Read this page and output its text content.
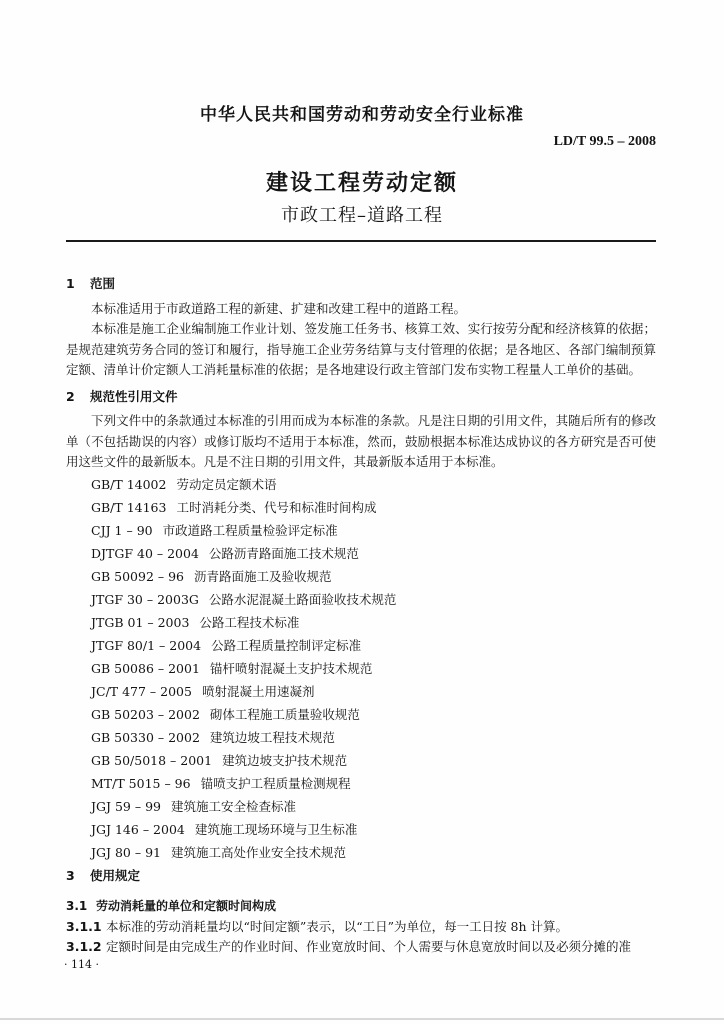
中华人民共和国劳动和劳动安全行业标准
LD/T 99.5 – 2008
建设工程劳动定额
市政工程–道路工程
1 范围

本标准适用于市政道路工程的新建、扩建和改建工程中的道路工程。

本标准是施工企业编制施工作业计划、签发施工任务书、核算工效、实行按劳分配和经济核算的依据；是规范建筑劳务合同的签订和履行，指导施工企业劳务结算与支付管理的依据；是各地区、各部门编制预算定额、清单计价定额人工消耗量标准的依据；是各地建设行政主管部门发布实物工程量人工单价的基础。

2 规范性引用文件

下列文件中的条款通过本标准的引用而成为本标准的条款。凡是注日期的引用文件，其随后所有的修改单（不包括勘误的内容）或修订版均不适用于本标准，然而，鼓励根据本标准达成协议的各方研究是否可使用这些文件的最新版本。凡是不注日期的引用文件，其最新版本适用于本标准。

GB/T 14002 劳动定员定额术语
GB/T 14163 工时消耗分类、代号和标准时间构成
CJJ 1 – 90 市政道路工程质量检验评定标准
DJTGF 40 – 2004 公路沥青路面施工技术规范
GB 50092 – 96 沥青路面施工及验收规范
JTGF 30 – 2003G 公路水泥混凝土路面验收技术规范
JTGB 01 – 2003 公路工程技术标准
JTGF 80/1 – 2004 公路工程质量控制评定标准
GB 50086 – 2001 锚杆喷射混凝土支护技术规范
JC/T 477 – 2005 喷射混凝土用速凝剂
GB 50203 – 2002 砌体工程施工质量验收规范
GB 50330 – 2002 建筑边坡工程技术规范
GB 50/5018 – 2001 建筑边坡支护技术规范
MT/T 5015 – 96 锚喷支护工程质量检测规程
JGJ 59 – 99 建筑施工安全检查标准
JGJ 146 – 2004 建筑施工现场环境与卫生标准
JGJ 80 – 91 建筑施工高处作业安全技术规范
3 使用规定
3.1 劳动消耗量的单位和定额时间构成

3.1.1 本标准的劳动消耗量均以“时间定额”表示，以“工日”为单位，每一工日按 8h 计算。

3.1.2 定额时间是由完成生产的作业时间、作业宽放时间、个人需要与休息宽放时间以及必须分摊的准

· 114 ·
